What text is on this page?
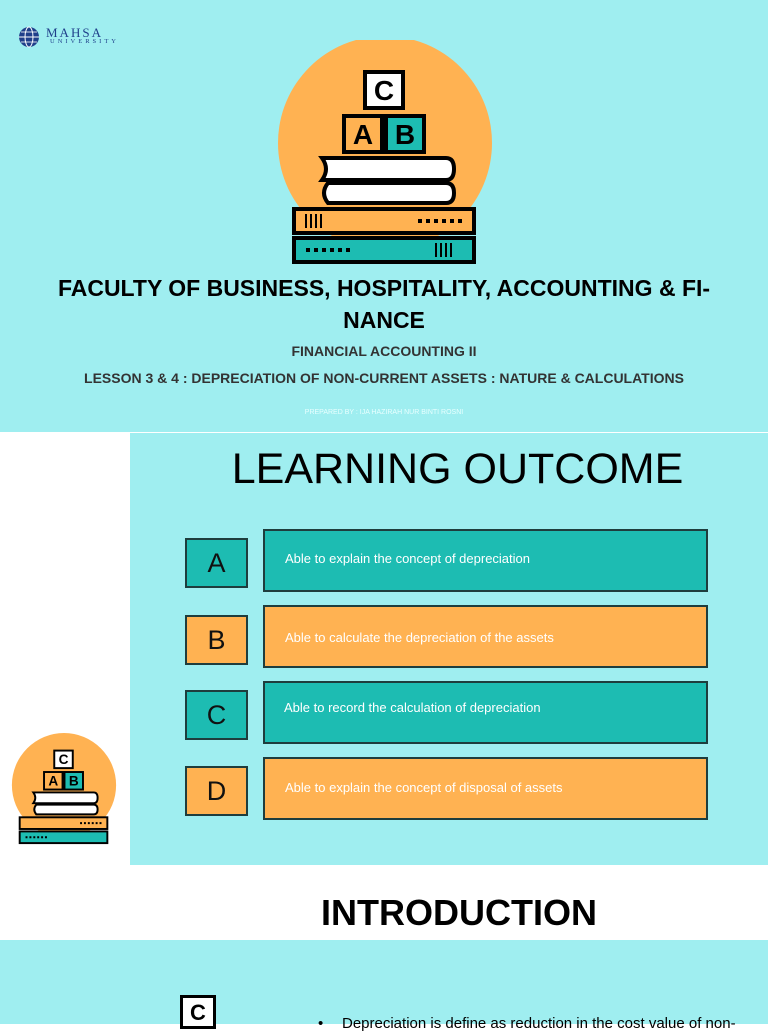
MAHSA
UNIVERSITY
C
A B
FACULTY OF BUSINESS, HOSPITALITY, ACCOUNTING & FI-
NANCE
FINANCIAL ACCOUNTING II
LESSON 3 & 4 : DEPRECIATION OF NON-CURRENT ASSETS : NATURE & CALCULATIONS
PREPARED BY : IJA HAZIRAH NUR BINTI ROSNI
LEARNING OUTCOME
C
A B
A	Able to explain the concept of depreciation
B	Able to calculate the depreciation of the assets
C	Able to record the calculation of depreciation
D	Able to explain the concept of disposal of assets
INTRODUCTION
C	• Depreciation is define as reduction in the cost value of non-
